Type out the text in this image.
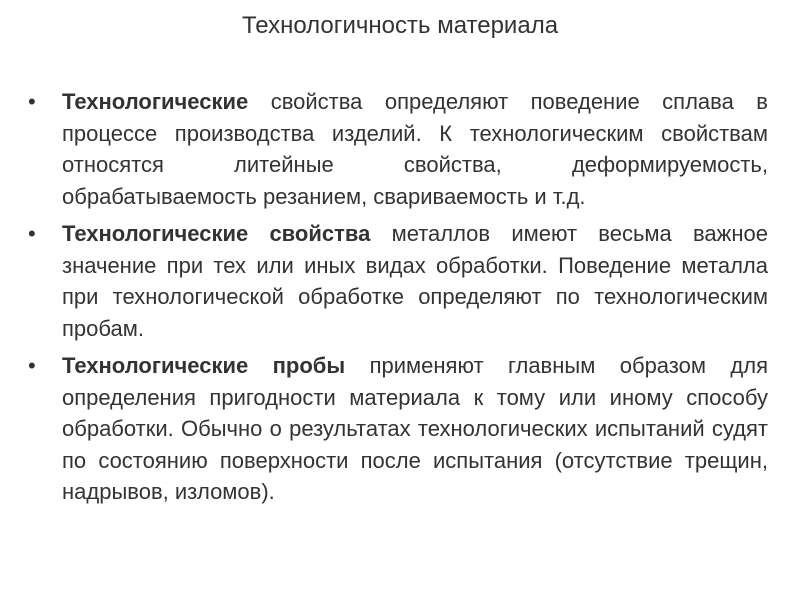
Технологичность материала
•	Технологические свойства определяют поведение сплава в процессе производства изделий. К технологическим свойствам относятся литейные свойства, деформируемость, обрабатываемость резанием, свариваемость и т.д.
•	Технологические свойства металлов имеют весьма важное значение при тех или иных видах обработки. Поведение металла при технологической обработке определяют по технологическим пробам.
•	Технологические пробы применяют главным образом для определения пригодности материала к тому или иному способу обработки. Обычно о результатах технологических испытаний судят по состоянию поверхности после испытания (отсутствие трещин, надрывов, изломов).
